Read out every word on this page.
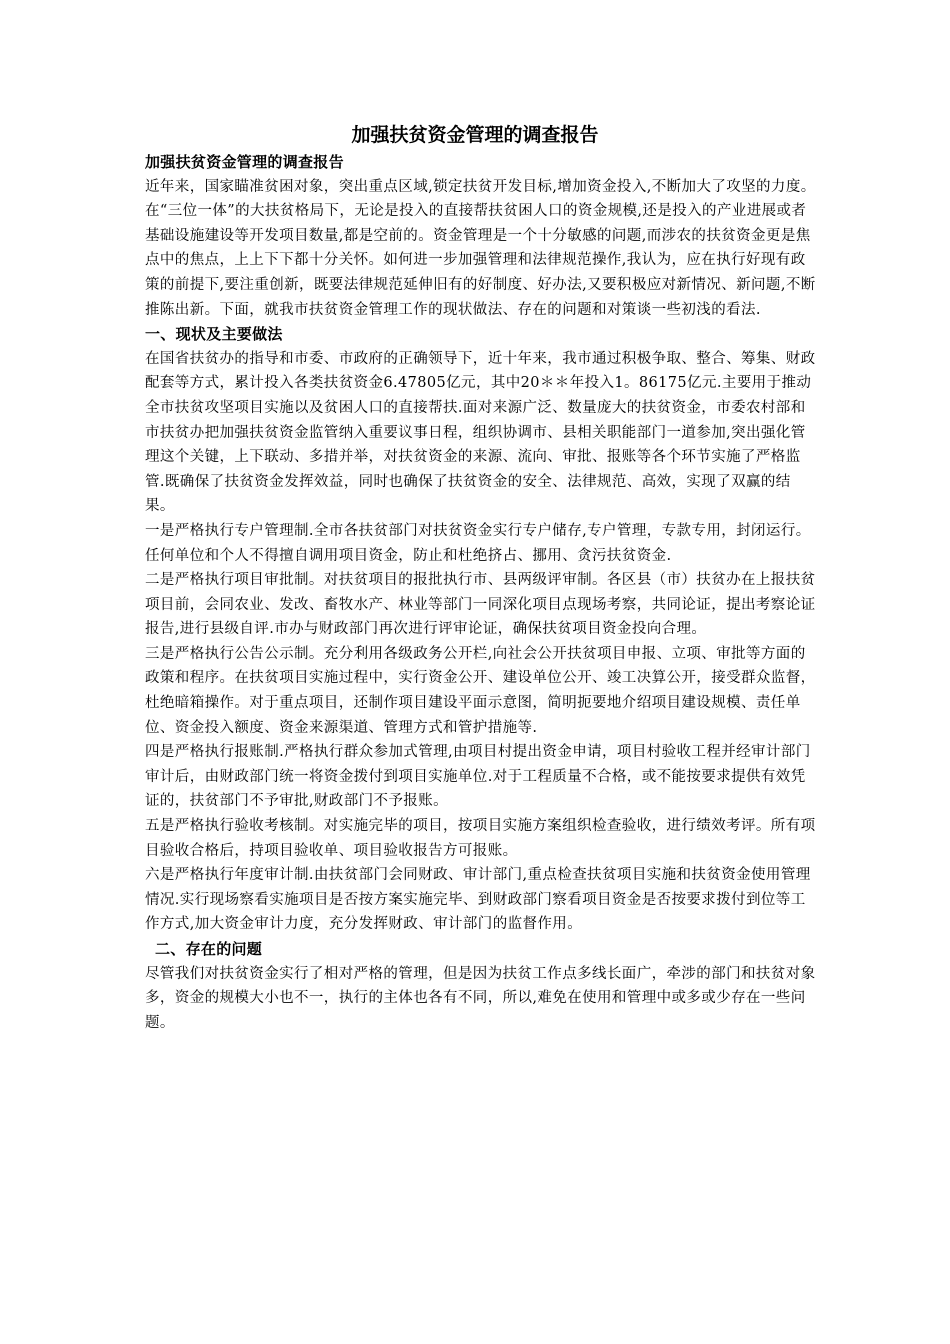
加强扶贫资金管理的调查报告
加强扶贫资金管理的调查报告

近年来，国家瞄准贫困对象，突出重点区域,锁定扶贫开发目标,增加资金投入,不断加大了攻坚的力度。在“三位一体”的大扶贫格局下，无论是投入的直接帮扶贫困人口的资金规模,还是投入的产业进展或者基础设施建设等开发项目数量,都是空前的。资金管理是一个十分敏感的问题,而涉农的扶贫资金更是焦点中的焦点，上上下下都十分关怀。如何进一步加强管理和法律规范操作,我认为，应在执行好现有政策的前提下,要注重创新，既要法律规范延伸旧有的好制度、好办法,又要积极应对新情况、新问题,不断推陈出新。下面，就我市扶贫资金管理工作的现状做法、存在的问题和对策谈一些初浅的看法.

一、现状及主要做法

在国省扶贫办的指导和市委、市政府的正确领导下，近十年来，我市通过积极争取、整合、筹集、财政配套等方式，累计投入各类扶贫资金6.47805亿元，其中20＊＊年投入1。86175亿元.主要用于推动全市扶贫攻坚项目实施以及贫困人口的直接帮扶.面对来源广泛、数量庞大的扶贫资金，市委农村部和市扶贫办把加强扶贫资金监管纳入重要议事日程，组织协调市、县相关职能部门一道参加,突出强化管理这个关键，上下联动、多措并举，对扶贫资金的来源、流向、审批、报账等各个环节实施了严格监管.既确保了扶贫资金发挥效益，同时也确保了扶贫资金的安全、法律规范、高效，实现了双赢的结果。

一是严格执行专户管理制.全市各扶贫部门对扶贫资金实行专户储存,专户管理，专款专用，封闭运行。任何单位和个人不得擅自调用项目资金，防止和杜绝挤占、挪用、贪污扶贫资金.

二是严格执行项目审批制。对扶贫项目的报批执行市、县两级评审制。各区县（市）扶贫办在上报扶贫项目前，会同农业、发改、畜牧水产、林业等部门一同深化项目点现场考察，共同论证，提出考察论证报告,进行县级自评.市办与财政部门再次进行评审论证，确保扶贫项目资金投向合理。

三是严格执行公告公示制。充分利用各级政务公开栏,向社会公开扶贫项目申报、立项、审批等方面的政策和程序。在扶贫项目实施过程中，实行资金公开、建设单位公开、竣工决算公开，接受群众监督，杜绝暗箱操作。对于重点项目，还制作项目建设平面示意图，简明扼要地介绍项目建设规模、责任单位、资金投入额度、资金来源渠道、管理方式和管护措施等.

四是严格执行报账制.严格执行群众参加式管理,由项目村提出资金申请，项目村验收工程并经审计部门审计后，由财政部门统一将资金拨付到项目实施单位.对于工程质量不合格，或不能按要求提供有效凭证的，扶贫部门不予审批,财政部门不予报账。

五是严格执行验收考核制。对实施完毕的项目，按项目实施方案组织检查验收，进行绩效考评。所有项目验收合格后，持项目验收单、项目验收报告方可报账。

六是严格执行年度审计制.由扶贫部门会同财政、审计部门,重点检查扶贫项目实施和扶贫资金使用管理情况.实行现场察看实施项目是否按方案实施完毕、到财政部门察看项目资金是否按要求拨付到位等工作方式,加大资金审计力度，充分发挥财政、审计部门的监督作用。

二、存在的问题

尽管我们对扶贫资金实行了相对严格的管理，但是因为扶贫工作点多线长面广，牵涉的部门和扶贫对象多，资金的规模大小也不一，执行的主体也各有不同，所以,难免在使用和管理中或多或少存在一些问题。
